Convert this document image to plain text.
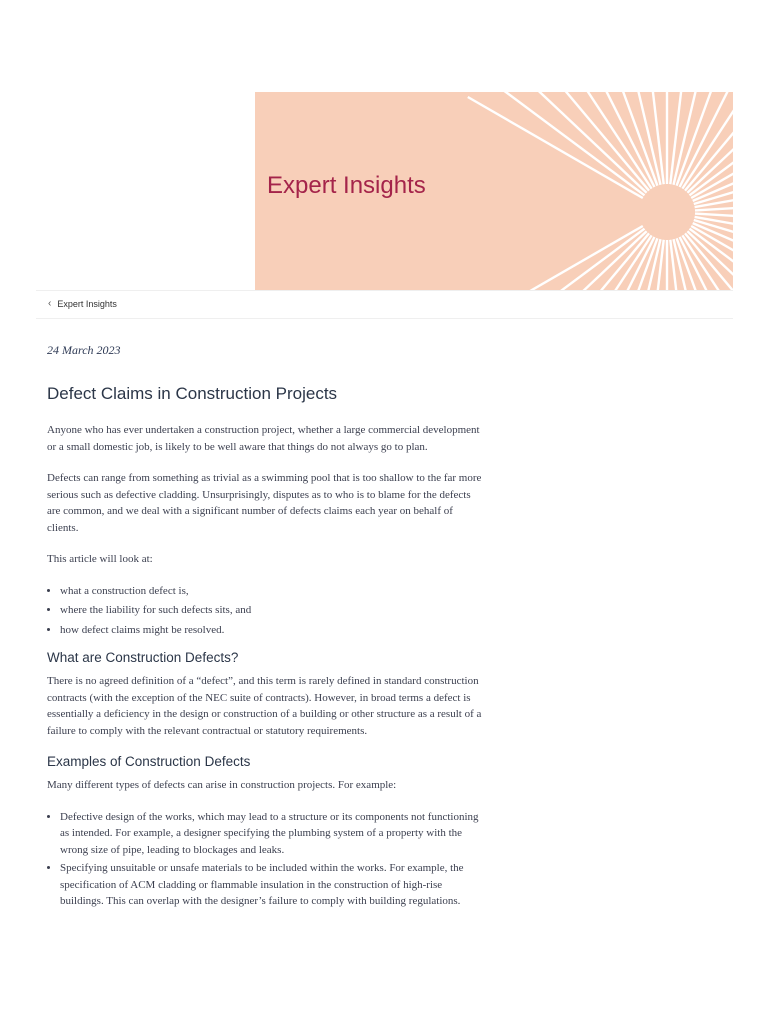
Expert Insights
‹ Expert Insights
24 March 2023
Defect Claims in Construction Projects

Anyone who has ever undertaken a construction project, whether a large commercial development or a small domestic job, is likely to be well aware that things do not always go to plan.

Defects can range from something as trivial as a swimming pool that is too shallow to the far more serious such as defective cladding. Unsurprisingly, disputes as to who is to blame for the defects are common, and we deal with a significant number of defects claims each year on behalf of clients.

This article will look at:

• what a construction defect is,
• where the liability for such defects sits, and
• how defect claims might be resolved.
What are Construction Defects?

There is no agreed definition of a “defect”, and this term is rarely defined in standard construction contracts (with the exception of the NEC suite of contracts). However, in broad terms a defect is essentially a deficiency in the design or construction of a building or other structure as a result of a failure to comply with the relevant contractual or statutory requirements.

Examples of Construction Defects

Many different types of defects can arise in construction projects. For example:

• Defective design of the works, which may lead to a structure or its components not functioning as intended. For example, a designer specifying the plumbing system of a property with the wrong size of pipe, leading to blockages and leaks.
• Specifying unsuitable or unsafe materials to be included within the works. For example, the specification of ACM cladding or flammable insulation in the construction of high-rise buildings. This can overlap with the designer’s failure to comply with building regulations.
